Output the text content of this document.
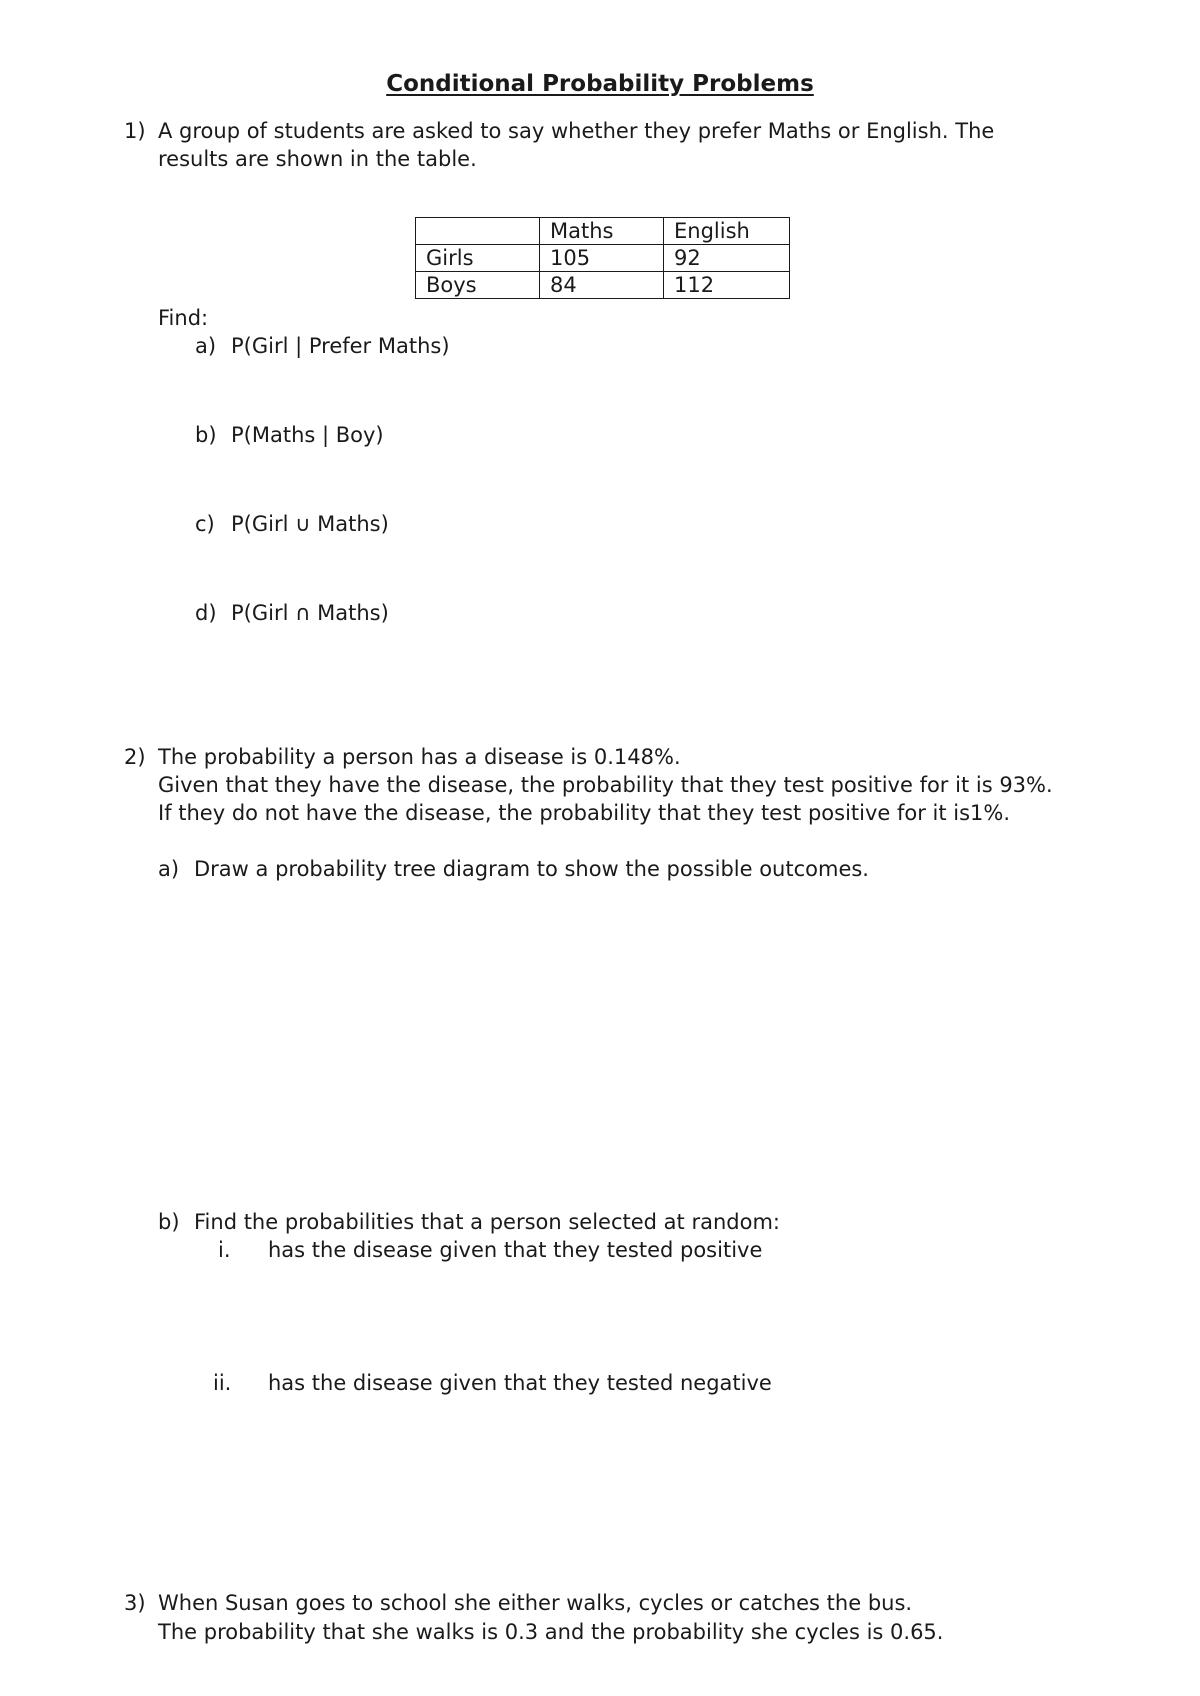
Conditional Probability Problems
1) A group of students are asked to say whether they prefer Maths or English. The
results are shown in the table.
	Maths	English
Girls	105	92
Boys	84	112
Find:
a) P(Girl | Prefer Maths)
b) P(Maths | Boy)
c) P(Girl ∪ Maths)
d) P(Girl ∩ Maths)
2) The probability a person has a disease is 0.148%.
Given that they have the disease, the probability that they test positive for it is 93%.
If they do not have the disease, the probability that they test positive for it is1%.
a) Draw a probability tree diagram to show the possible outcomes.
b) Find the probabilities that a person selected at random:
i. has the disease given that they tested positive
ii. has the disease given that they tested negative
3) When Susan goes to school she either walks, cycles or catches the bus.
The probability that she walks is 0.3 and the probability she cycles is 0.65.
